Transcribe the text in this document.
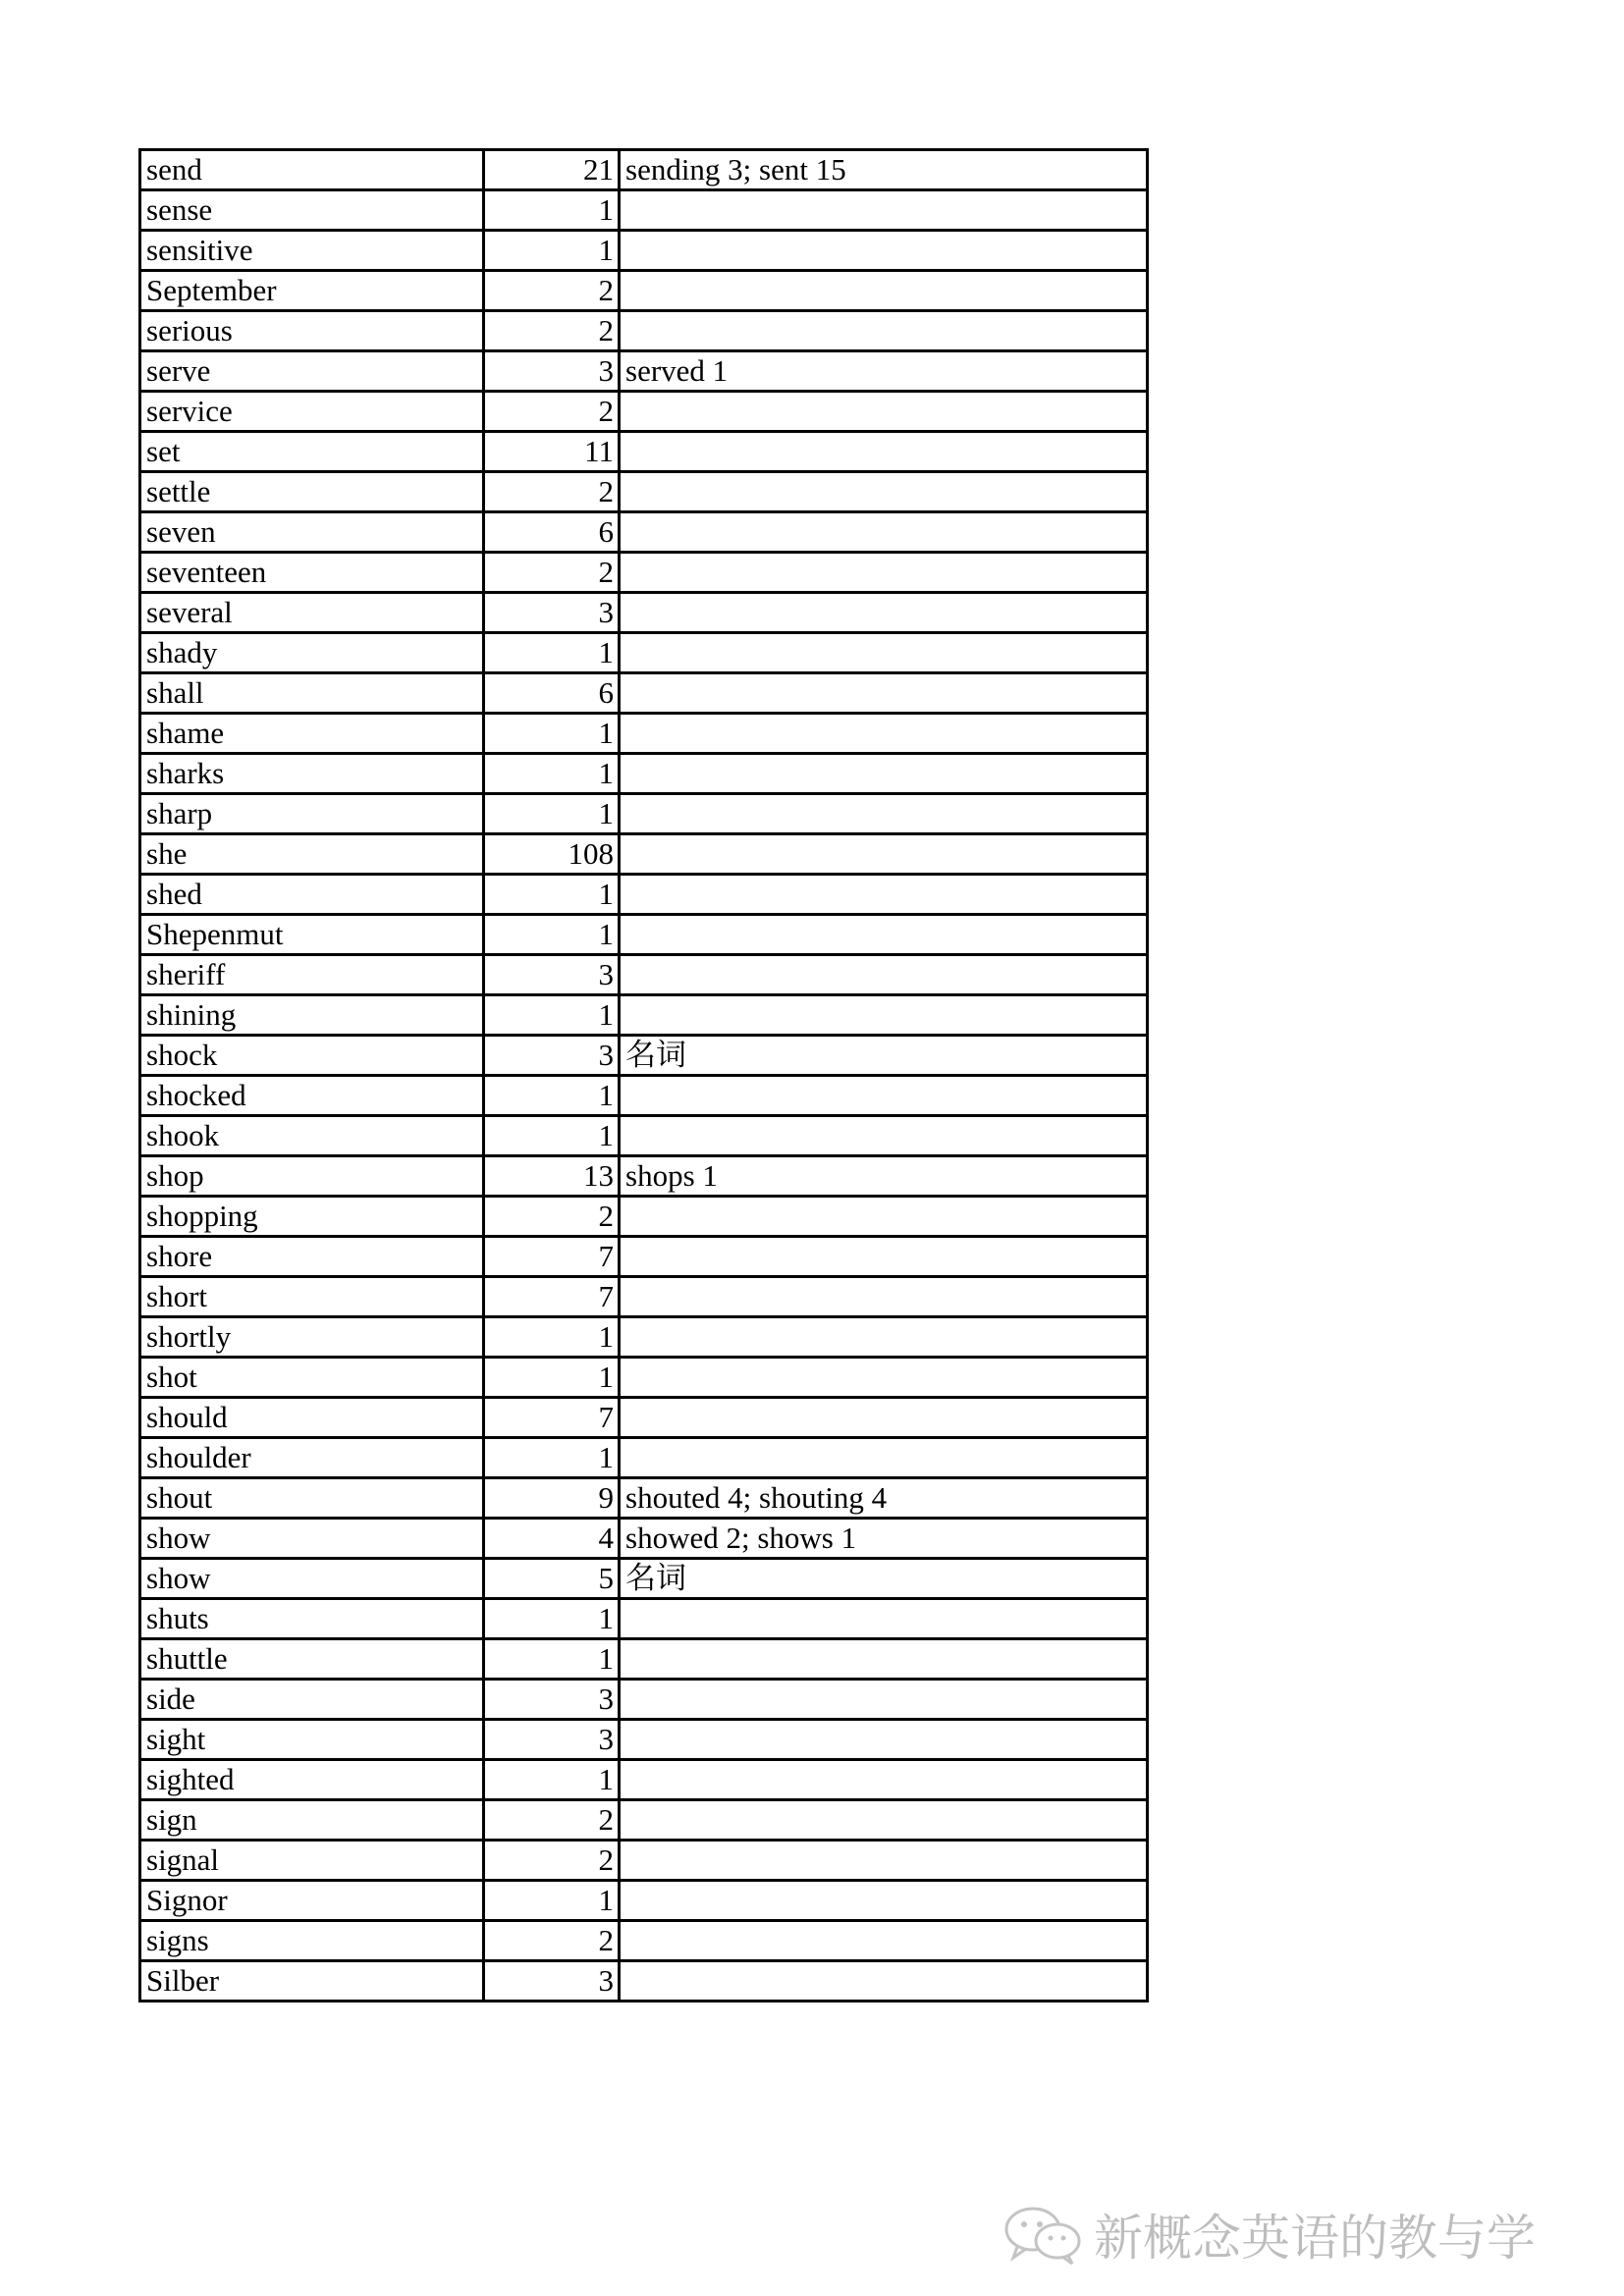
send	21	sending 3; sent 15
sense	1	
sensitive	1	
September	2	
serious	2	
serve	3	served 1
service	2	
set	11	
settle	2	
seven	6	
seventeen	2	
several	3	
shady	1	
shall	6	
shame	1	
sharks	1	
sharp	1	
she	108	
shed	1	
Shepenmut	1	
sheriff	3	
shining	1	
shock	3	名词
shocked	1	
shook	1	
shop	13	shops 1
shopping	2	
shore	7	
short	7	
shortly	1	
shot	1	
should	7	
shoulder	1	
shout	9	shouted 4; shouting 4
show	4	showed 2; shows 1
show	5	名词
shuts	1	
shuttle	1	
side	3	
sight	3	
sighted	1	
sign	2	
signal	2	
Signor	1	
signs	2	
Silber	3	
新概念英语的教与学
